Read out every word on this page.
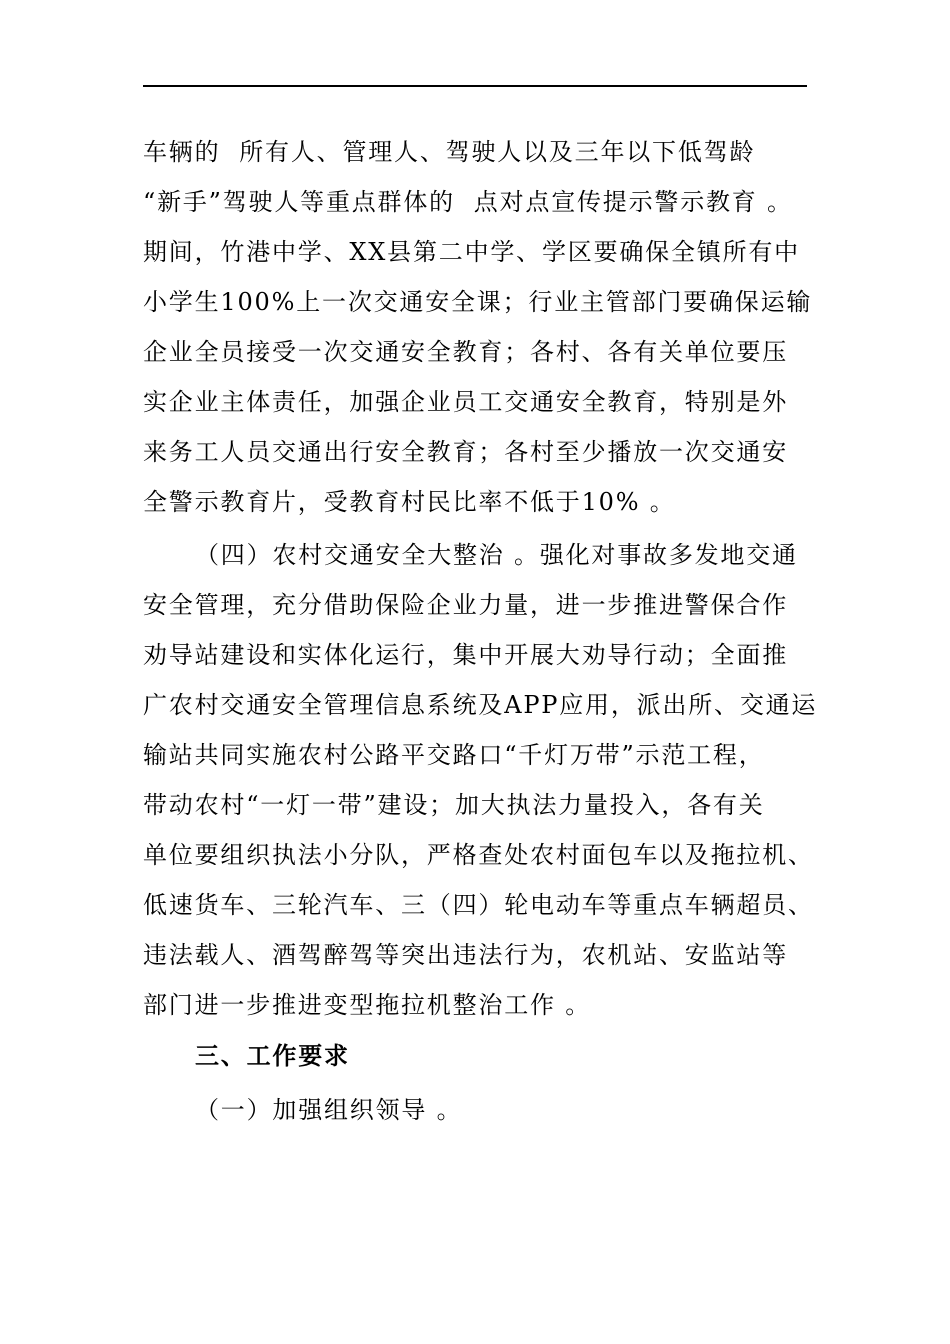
车辆的  所有人、管理人、驾驶人以及三年以下低驾龄
“新手”驾驶人等重点群体的  点对点宣传提示警示教育 。
期间，竹港中学、XX县第二中学、学区要确保全镇所有中
小学生100%上一次交通安全课；行业主管部门要确保运输
企业全员接受一次交通安全教育；各村、各有关单位要压
实企业主体责任，加强企业员工交通安全教育，特别是外
来务工人员交通出行安全教育；各村至少播放一次交通安
全警示教育片，受教育村民比率不低于10% 。
（四）农村交通安全大整治 。强化对事故多发地交通
安全管理，充分借助保险企业力量，进一步推进警保合作
劝导站建设和实体化运行，集中开展大劝导行动；全面推
广农村交通安全管理信息系统及APP应用，派出所、交通运
输站共同实施农村公路平交路口“千灯万带”示范工程，
带动农村“一灯一带”建设；加大执法力量投入，各有关
单位要组织执法小分队，严格查处农村面包车以及拖拉机、
低速货车、三轮汽车、三（四）轮电动车等重点车辆超员、
违法载人、酒驾醉驾等突出违法行为，农机站、安监站等
部门进一步推进变型拖拉机整治工作 。
三、工作要求
（一）加强组织领导 。
